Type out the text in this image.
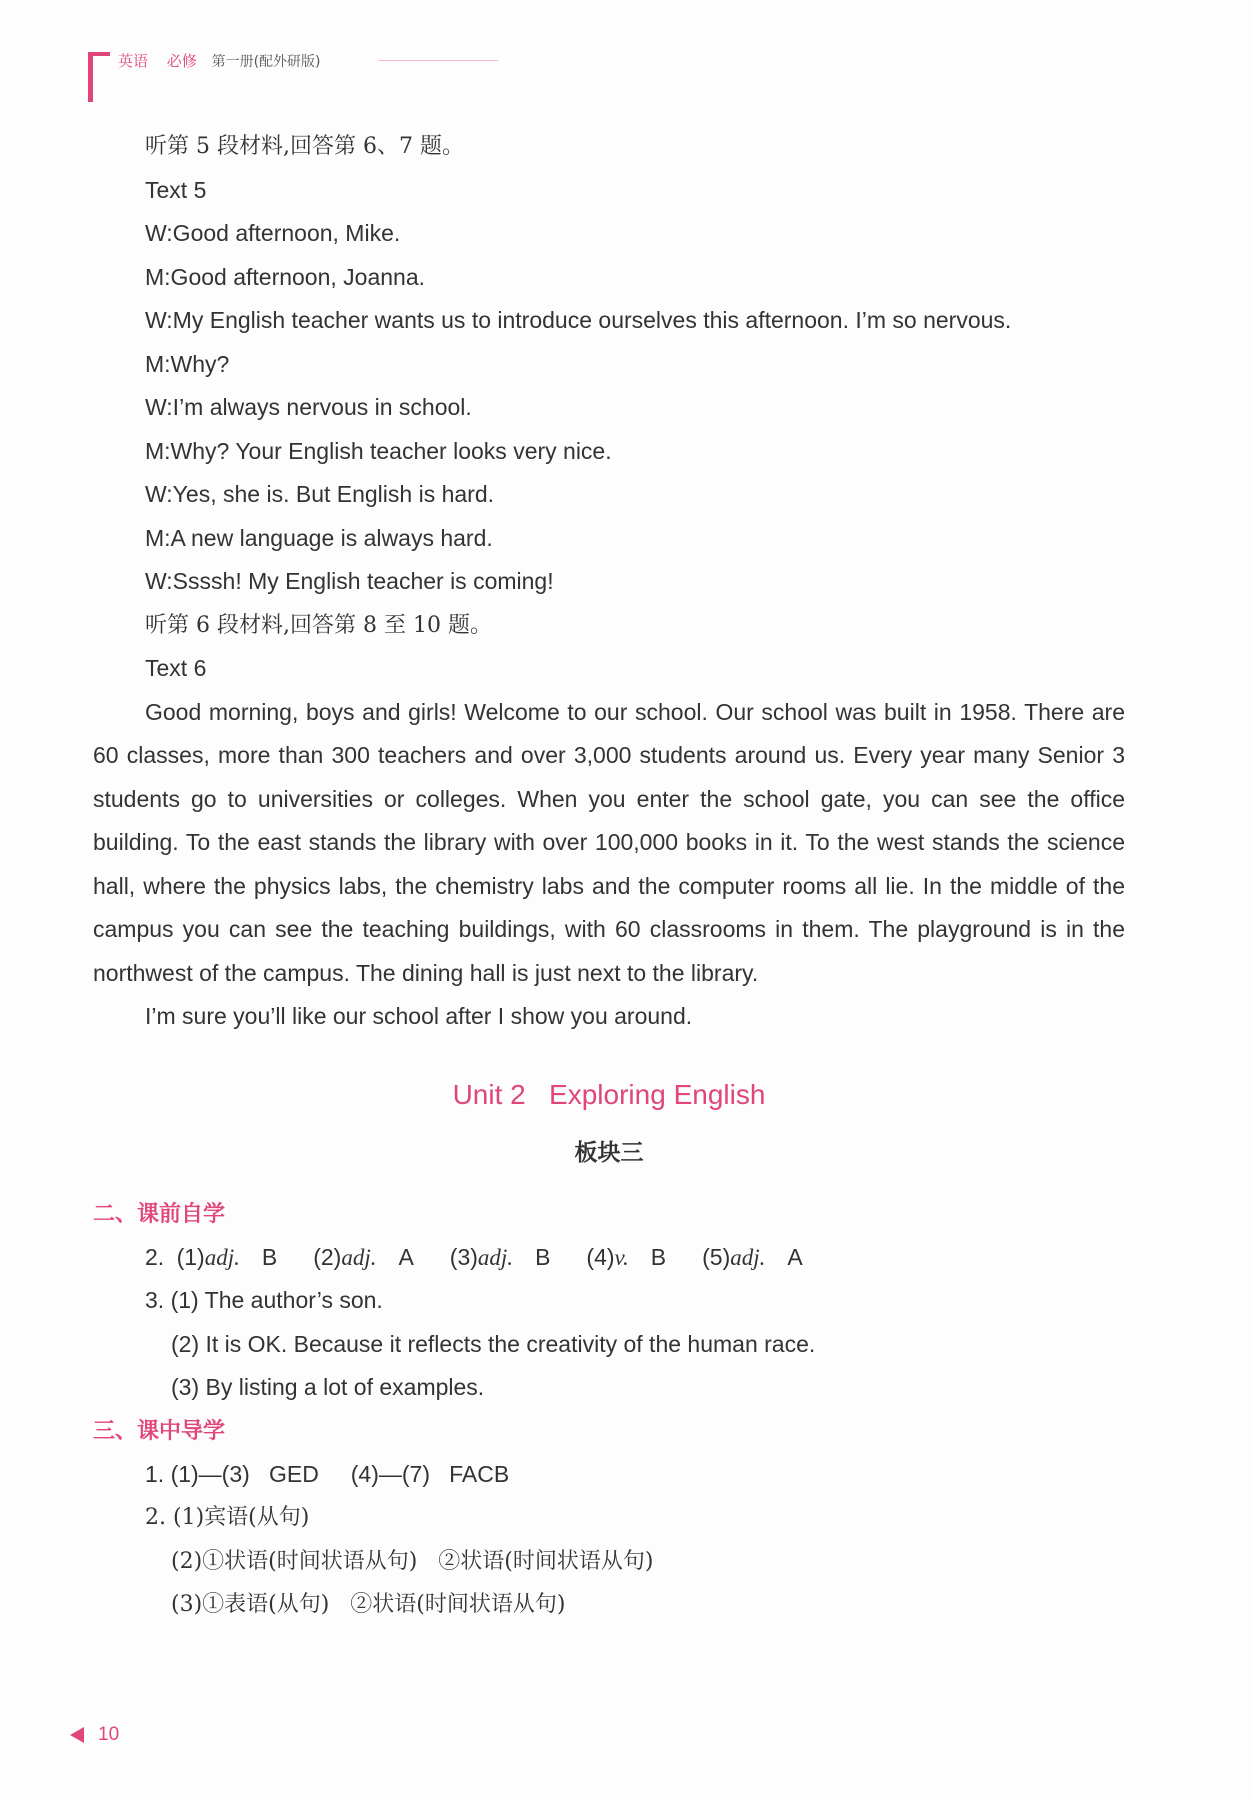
英语 必修 第一册(配外研版)
听第 5 段材料,回答第 6、7 题。
Text 5
W:Good afternoon, Mike.
M:Good afternoon, Joanna.
W:My English teacher wants us to introduce ourselves this afternoon. I’m so nervous.
M:Why?
W:I’m always nervous in school.
M:Why? Your English teacher looks very nice.
W:Yes, she is. But English is hard.
M:A new language is always hard.
W:Ssssh! My English teacher is coming!
听第 6 段材料,回答第 8 至 10 题。
Text 6

Good morning, boys and girls! Welcome to our school. Our school was built in 1958. There are 60 classes, more than 300 teachers and over 3,000 students around us. Every year many Senior 3 students go to universities or colleges. When you enter the school gate, you can see the office building. To the east stands the library with over 100,000 books in it. To the west stands the science hall, where the physics labs, the chemistry labs and the computer rooms all lie. In the middle of the campus you can see the teaching buildings, with 60 classrooms in them. The playground is in the northwest of the campus. The dining hall is just next to the library.

I’m sure you’ll like our school after I show you around.
Unit 2   Exploring English
板块三
二、课前自学
2. (1)adj. B (2)adj. A (3)adj. B (4)v. B (5)adj. A
3. (1) The author’s son.
(2) It is OK. Because it reflects the creativity of the human race.
(3) By listing a lot of examples.
三、课中导学
1. (1)—(3)   GED     (4)—(7)   FACB
2. (1)宾语(从句)
(2)①状语(时间状语从句)   ②状语(时间状语从句)
(3)①表语(从句)   ②状语(时间状语从句)
10
